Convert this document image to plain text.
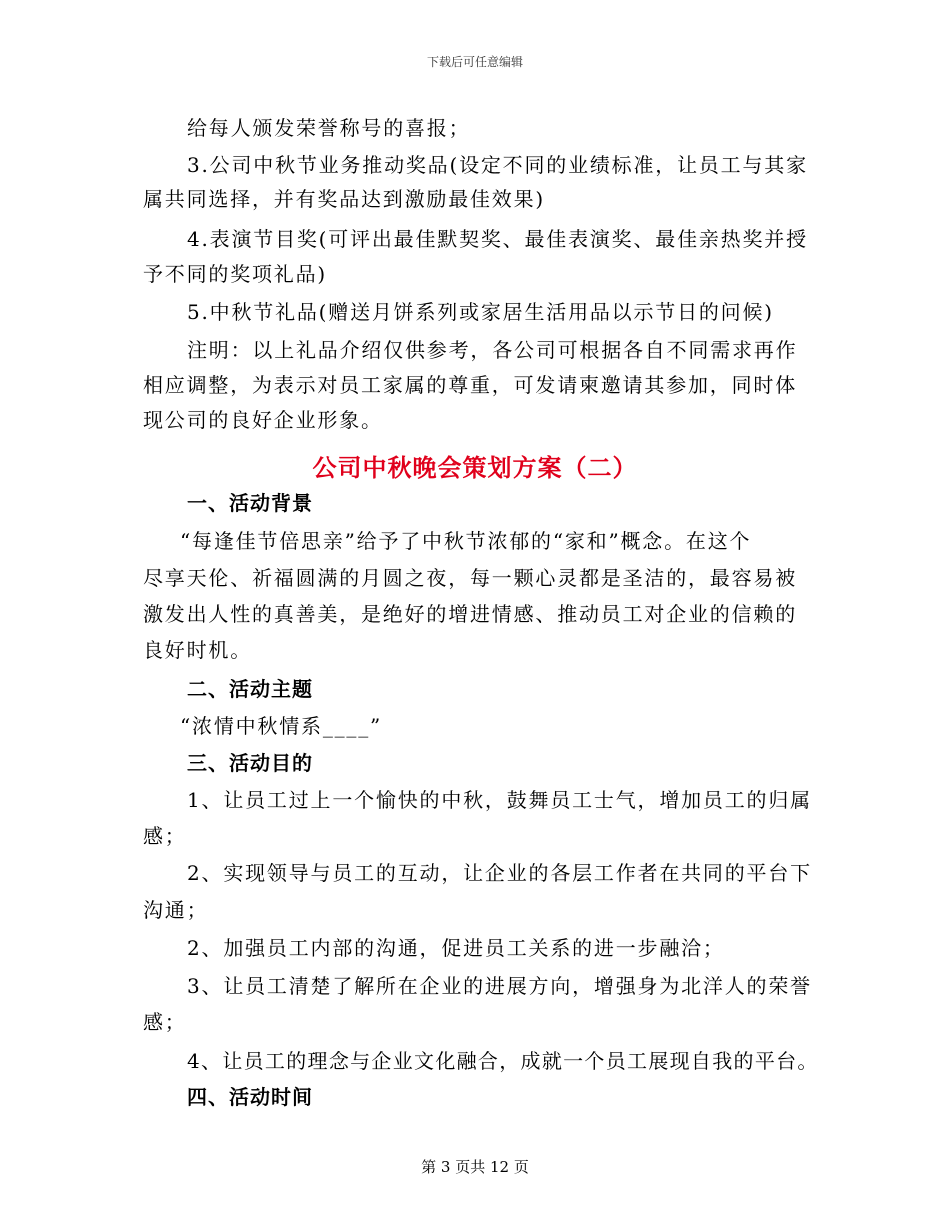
下载后可任意编辑
给每人颁发荣誉称号的喜报；
3.公司中秋节业务推动奖品(设定不同的业绩标准，让员工与其家
属共同选择，并有奖品达到激励最佳效果)
4.表演节目奖(可评出最佳默契奖、最佳表演奖、最佳亲热奖并授
予不同的奖项礼品)
5.中秋节礼品(赠送月饼系列或家居生活用品以示节日的问候)
注明：以上礼品介绍仅供参考，各公司可根据各自不同需求再作
相应调整，为表示对员工家属的尊重，可发请柬邀请其参加，同时体
现公司的良好企业形象。
公司中秋晚会策划方案（二）
一、活动背景
“每逢佳节倍思亲”给予了中秋节浓郁的“家和”概念。在这个
尽享天伦、祈福圆满的月圆之夜，每一颗心灵都是圣洁的，最容易被
激发出人性的真善美，是绝好的增进情感、推动员工对企业的信赖的
良好时机。
二、活动主题
“浓情中秋情系____”
三、活动目的
1、让员工过上一个愉快的中秋，鼓舞员工士气，增加员工的归属
感；
2、实现领导与员工的互动，让企业的各层工作者在共同的平台下
沟通；
2、加强员工内部的沟通，促进员工关系的进一步融洽；
3、让员工清楚了解所在企业的进展方向，增强身为北洋人的荣誉
感；
4、让员工的理念与企业文化融合，成就一个员工展现自我的平台。
四、活动时间
第 3 页共 12 页
